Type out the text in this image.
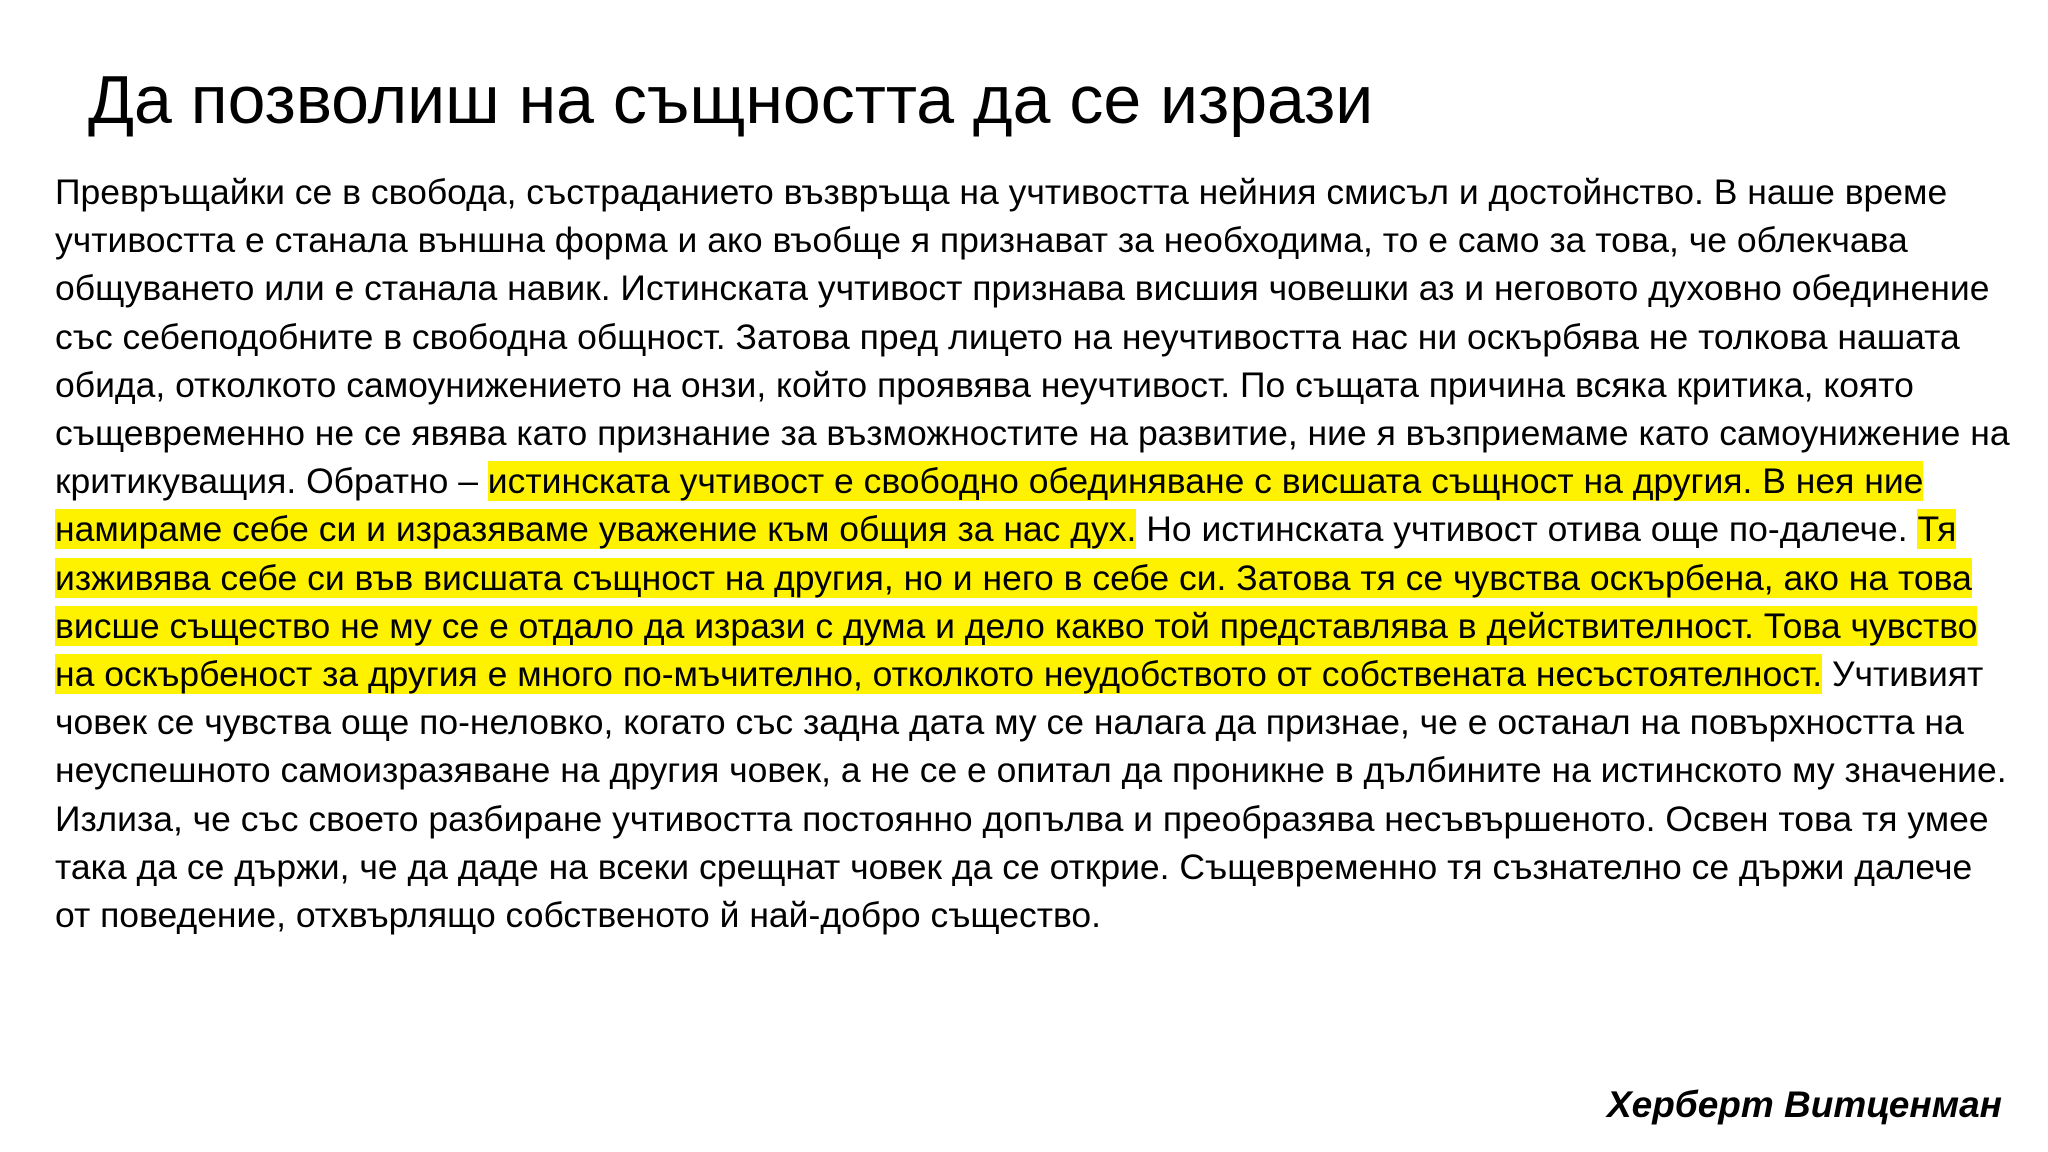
Да позволиш на същността да се изрази

Превръщайки се в свобода, състраданието възвръща на учтивостта нейния смисъл и достойнство. В наше време учтивостта е станала външна форма и ако въобще я признават за необходима, то е само за това, че облекчава общуването или е станала навик. Истинската учтивост признава висшия човешки аз и неговото духовно обединение със себеподобните в свободна общност. Затова пред лицето на неучтивостта нас ни оскърбява не толкова нашата обида, отколкото самоунижението на онзи, който проявява неучтивост. По същата причина всяка критика, която същевременно не се явява като признание за възможностите на развитие, ние я възприемаме като самоунижение на критикуващия. Обратно – истинската учтивост е свободно обединяване с висшата същност на другия. В нея ние намираме себе си и изразяваме уважение към общия за нас дух. Но истинската учтивост отива още по-далече. Тя изживява себе си във висшата същност на другия, но и него в себе си. Затова тя се чувства оскърбена, ако на това висше същество не му се е отдало да изрази с дума и дело какво той представлява в действителност. Това чувство на оскърбеност за другия е много по-мъчително, отколкото неудобството от собствената несъстоятелност. Учтивият човек се чувства още по-неловко, когато със задна дата му се налага да признае, че е останал на повърхността на неуспешното самоизразяване на другия човек, а не се е опитал да проникне в дълбините на истинското му значение. Излиза, че със своето разбиране учтивостта постоянно допълва и преобразява несъвършеното. Освен това тя умее така да се държи, че да даде на всеки срещнат човек да се открие. Същевременно тя съзнателно се държи далече от поведение, отхвърлящо собственото й най-добро същество.

Херберт Витценман
